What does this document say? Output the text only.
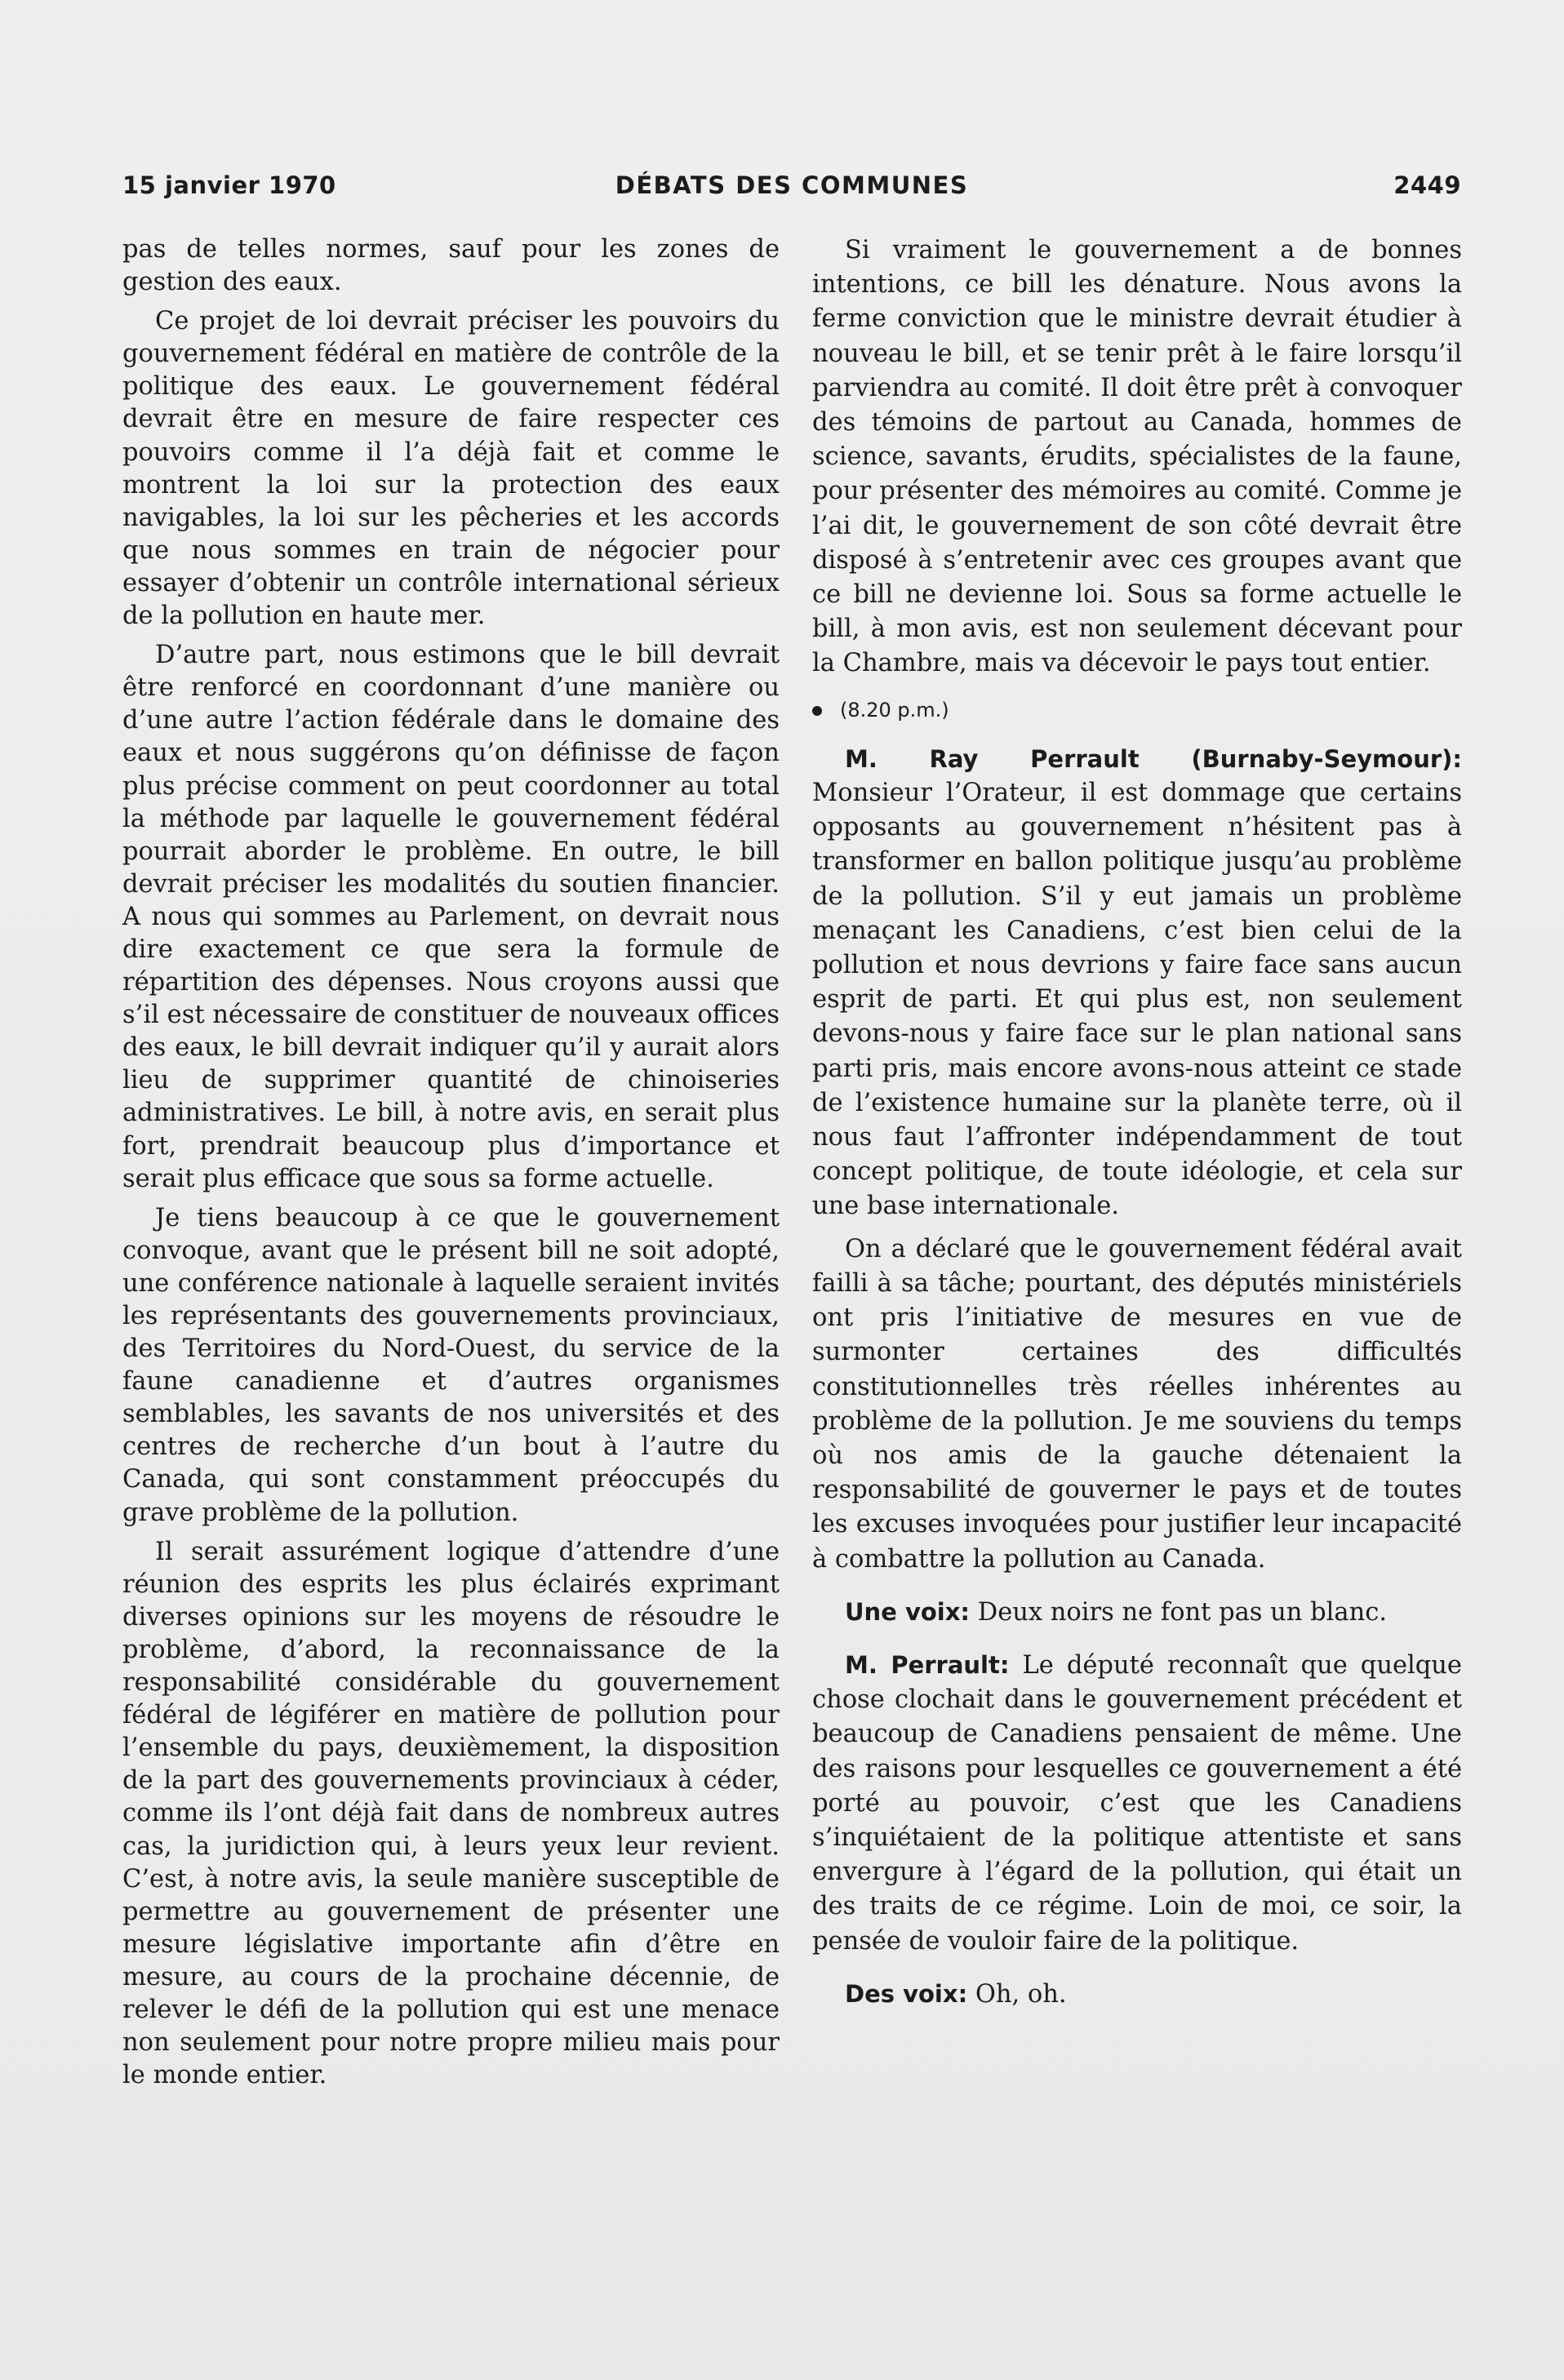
15 janvier 1970	DÉBATS DES COMMUNES	2449

pas de telles normes, sauf pour les zones de gestion des eaux.

Ce projet de loi devrait préciser les pouvoirs du gouvernement fédéral en matière de contrôle de la politique des eaux. Le gouvernement fédéral devrait être en mesure de faire respecter ces pouvoirs comme il l’a déjà fait et comme le montrent la loi sur la protection des eaux navigables, la loi sur les pêcheries et les accords que nous sommes en train de négocier pour essayer d’obtenir un contrôle international sérieux de la pollution en haute mer.

D’autre part, nous estimons que le bill devrait être renforcé en coordonnant d’une manière ou d’une autre l’action fédérale dans le domaine des eaux et nous suggérons qu’on définisse de façon plus précise comment on peut coordonner au total la méthode par laquelle le gouvernement fédéral pourrait aborder le problème. En outre, le bill devrait préciser les modalités du soutien financier. A nous qui sommes au Parlement, on devrait nous dire exactement ce que sera la formule de répartition des dépenses. Nous croyons aussi que s’il est nécessaire de constituer de nouveaux offices des eaux, le bill devrait indiquer qu’il y aurait alors lieu de supprimer quantité de chinoiseries administratives. Le bill, à notre avis, en serait plus fort, prendrait beaucoup plus d’importance et serait plus efficace que sous sa forme actuelle.

Je tiens beaucoup à ce que le gouvernement convoque, avant que le présent bill ne soit adopté, une conférence nationale à laquelle seraient invités les représentants des gouvernements provinciaux, des Territoires du Nord-Ouest, du service de la faune canadienne et d’autres organismes semblables, les savants de nos universités et des centres de recherche d’un bout à l’autre du Canada, qui sont constamment préoccupés du grave problème de la pollution.

Il serait assurément logique d’attendre d’une réunion des esprits les plus éclairés exprimant diverses opinions sur les moyens de résoudre le problème, d’abord, la reconnaissance de la responsabilité considérable du gouvernement fédéral de légiférer en matière de pollution pour l’ensemble du pays, deuxièmement, la disposition de la part des gouvernements provinciaux à céder, comme ils l’ont déjà fait dans de nombreux autres cas, la juridiction qui, à leurs yeux leur revient. C’est, à notre avis, la seule manière susceptible de permettre au gouvernement de présenter une mesure législative importante afin d’être en mesure, au cours de la prochaine décennie, de relever le défi de la pollution qui est une menace non seulement pour notre propre milieu mais pour le monde entier.

Si vraiment le gouvernement a de bonnes intentions, ce bill les dénature. Nous avons la ferme conviction que le ministre devrait étudier à nouveau le bill, et se tenir prêt à le faire lorsqu’il parviendra au comité. Il doit être prêt à convoquer des témoins de partout au Canada, hommes de science, savants, érudits, spécialistes de la faune, pour présenter des mémoires au comité. Comme je l’ai dit, le gouvernement de son côté devrait être disposé à s’entretenir avec ces groupes avant que ce bill ne devienne loi. Sous sa forme actuelle le bill, à mon avis, est non seulement décevant pour la Chambre, mais va décevoir le pays tout entier.

(8.20 p.m.)

M. Ray Perrault (Burnaby-Seymour):
Monsieur l’Orateur, il est dommage que certains opposants au gouvernement n’hésitent pas à transformer en ballon politique jusqu’au problème de la pollution. S’il y eut jamais un problème menaçant les Canadiens, c’est bien celui de la pollution et nous devrions y faire face sans aucun esprit de parti. Et qui plus est, non seulement devons-nous y faire face sur le plan national sans parti pris, mais encore avons-nous atteint ce stade de l’existence humaine sur la planète terre, où il nous faut l’affronter indépendamment de tout concept politique, de toute idéologie, et cela sur une base internationale.

On a déclaré que le gouvernement fédéral avait failli à sa tâche; pourtant, des députés ministériels ont pris l’initiative de mesures en vue de surmonter certaines des difficultés constitutionnelles très réelles inhérentes au problème de la pollution. Je me souviens du temps où nos amis de la gauche détenaient la responsabilité de gouverner le pays et de toutes les excuses invoquées pour justifier leur incapacité à combattre la pollution au Canada.

Une voix: Deux noirs ne font pas un blanc.

M. Perrault: Le député reconnaît que quelque chose clochait dans le gouvernement précédent et beaucoup de Canadiens pensaient de même. Une des raisons pour lesquelles ce gouvernement a été porté au pouvoir, c’est que les Canadiens s’inquiétaient de la politique attentiste et sans envergure à l’égard de la pollution, qui était un des traits de ce régime. Loin de moi, ce soir, la pensée de vouloir faire de la politique.

Des voix: Oh, oh.
